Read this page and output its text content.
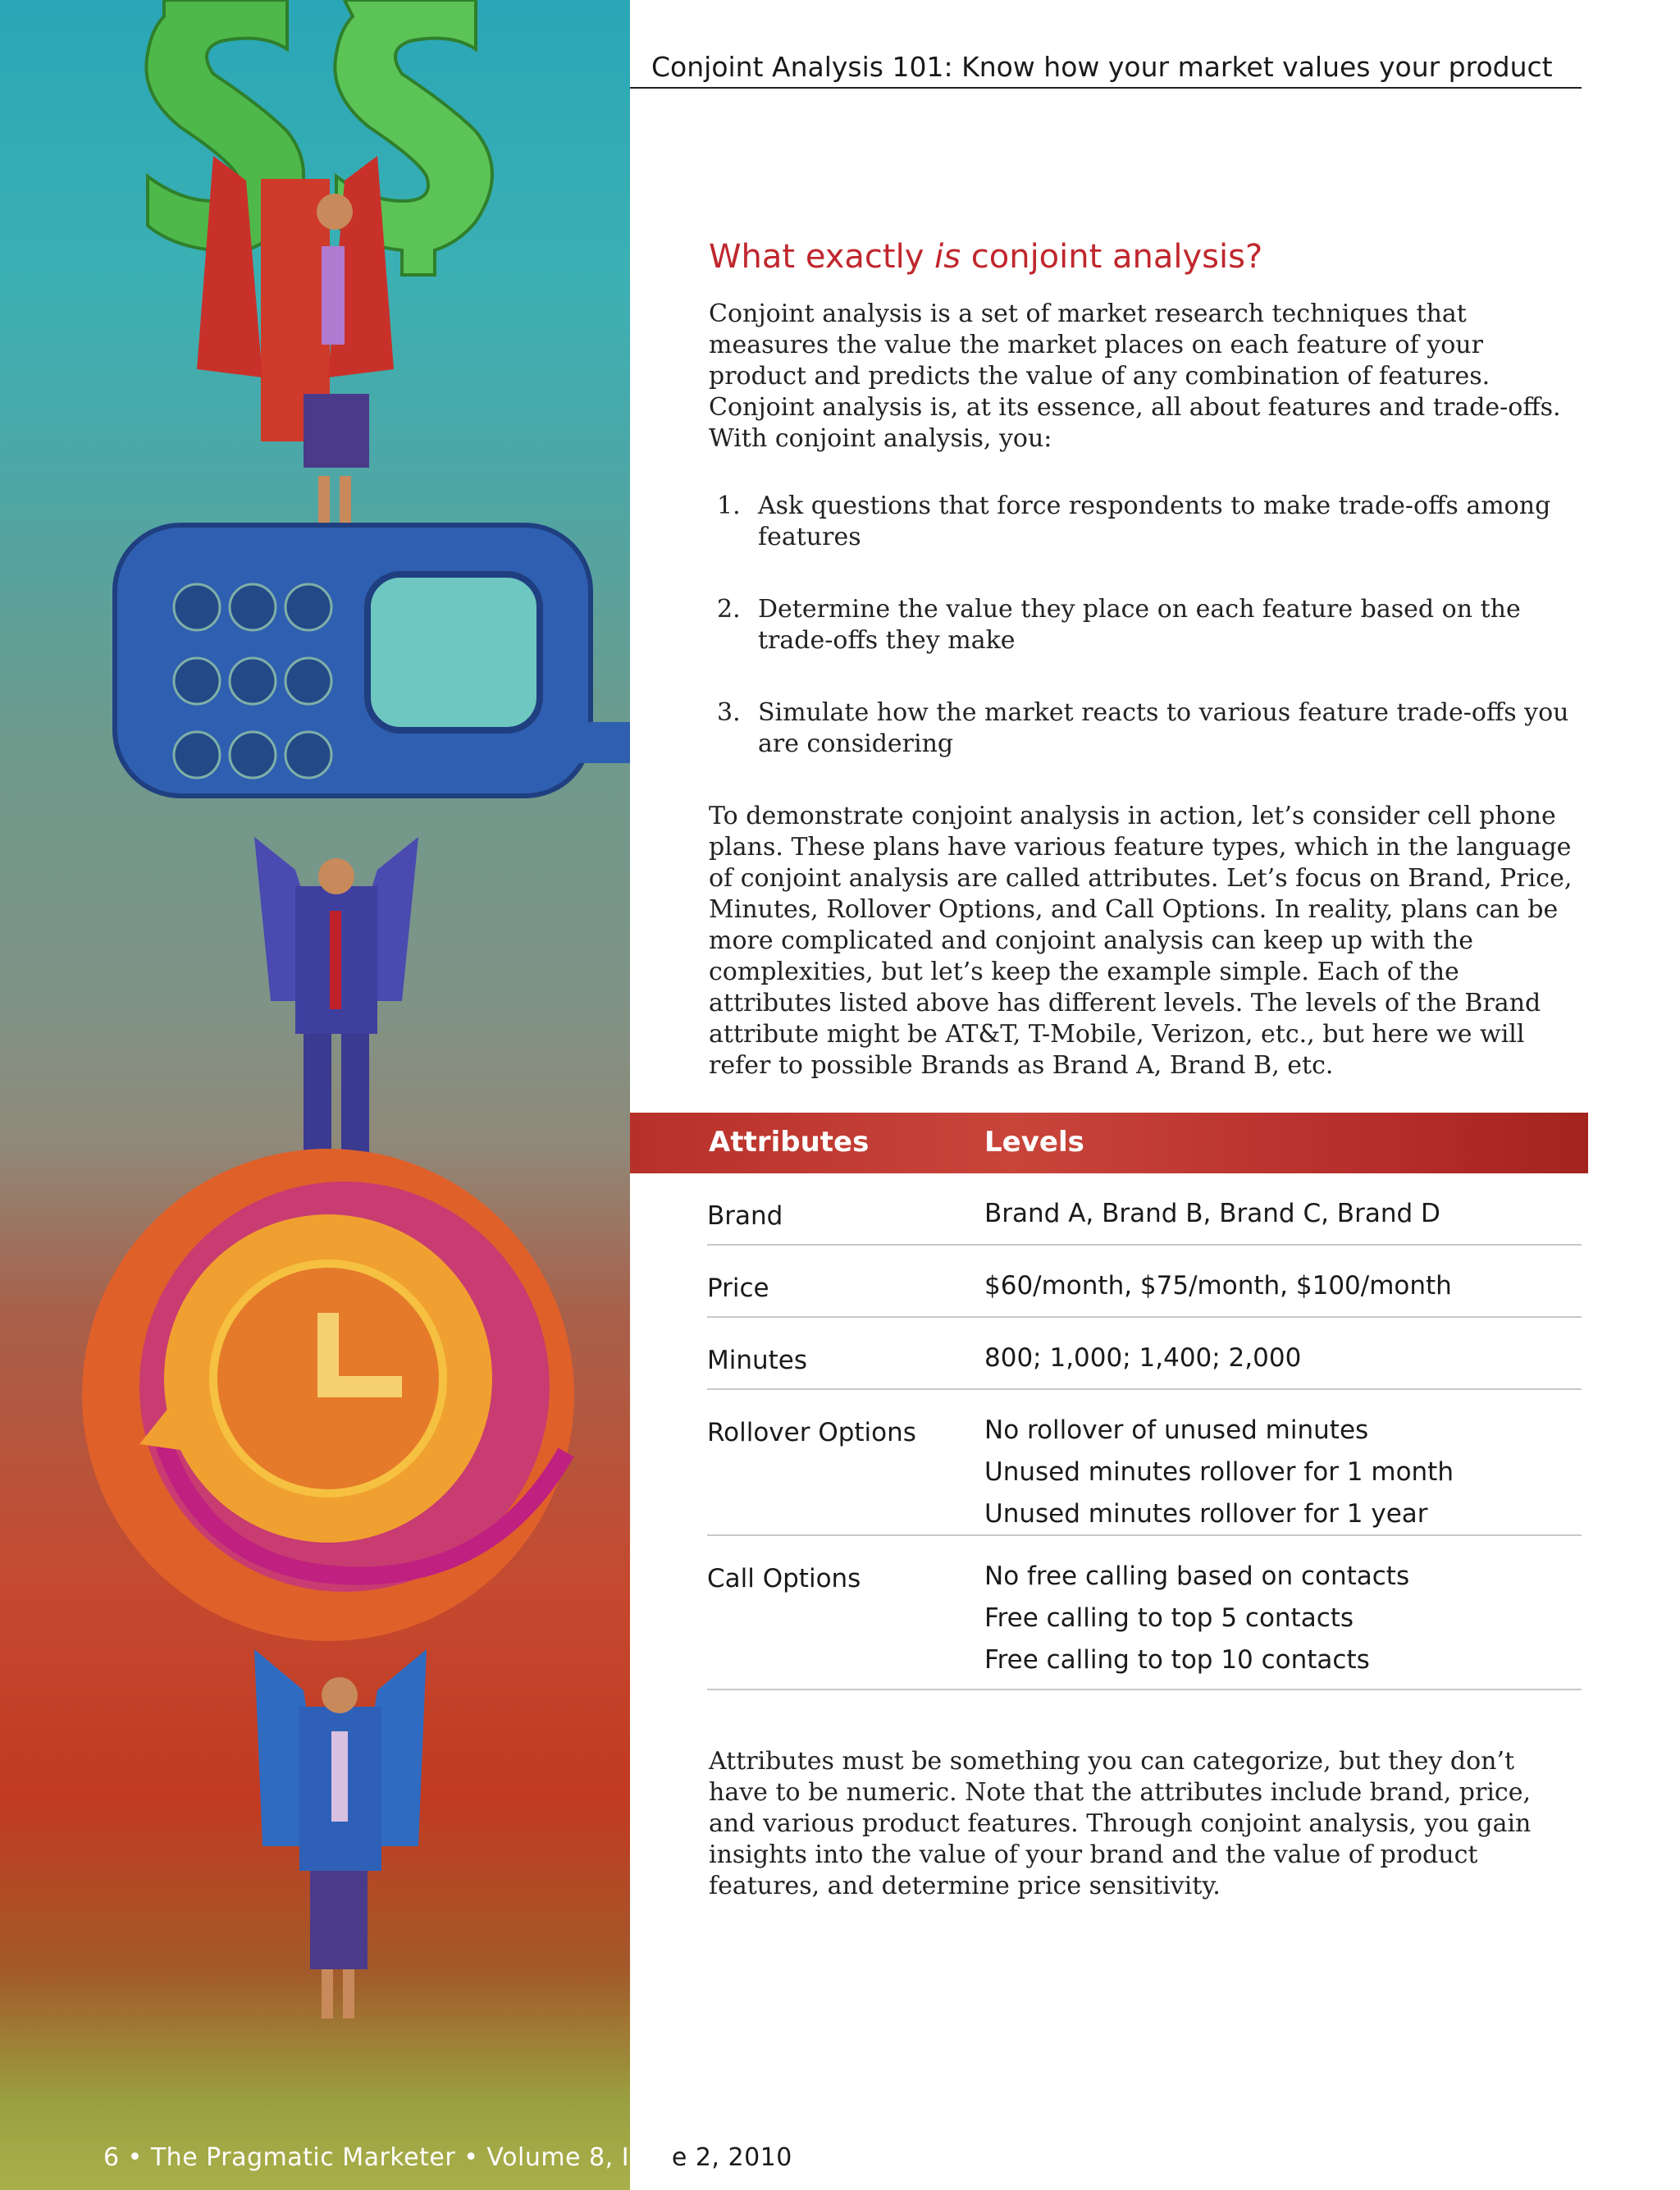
6 • The Pragmatic Marketer • Volume 8, Issue 2, 2010
Conjoint Analysis 101: Know how your market values your product
What exactly is conjoint analysis?

Conjoint analysis is a set of market research techniques that measures the value the market places on each feature of your product and predicts the value of any combination of features. Conjoint analysis is, at its essence, all about features and trade-offs. With conjoint analysis, you:

1. Ask questions that force respondents to make trade-offs among features
2. Determine the value they place on each feature based on the trade-offs they make
3. Simulate how the market reacts to various feature trade-offs you are considering

To demonstrate conjoint analysis in action, let’s consider cell phone plans. These plans have various feature types, which in the language of conjoint analysis are called attributes. Let’s focus on Brand, Price, Minutes, Rollover Options, and Call Options. In reality, plans can be more complicated and conjoint analysis can keep up with the complexities, but let’s keep the example simple. Each of the attributes listed above has different levels. The levels of the Brand attribute might be AT&T, T-Mobile, Verizon, etc., but here we will refer to possible Brands as Brand A, Brand B, etc.

Attributes	Levels
Brand	Brand A, Brand B, Brand C, Brand D
Price	$60/month, $75/month, $100/month
Minutes	800; 1,000; 1,400; 2,000
Rollover Options	No rollover of unused minutes
Unused minutes rollover for 1 month
Unused minutes rollover for 1 year
Call Options	No free calling based on contacts
Free calling to top 5 contacts
Free calling to top 10 contacts

Attributes must be something you can categorize, but they don’t have to be numeric. Note that the attributes include brand, price, and various product features. Through conjoint analysis, you gain insights into the value of your brand and the value of product features, and determine price sensitivity.
